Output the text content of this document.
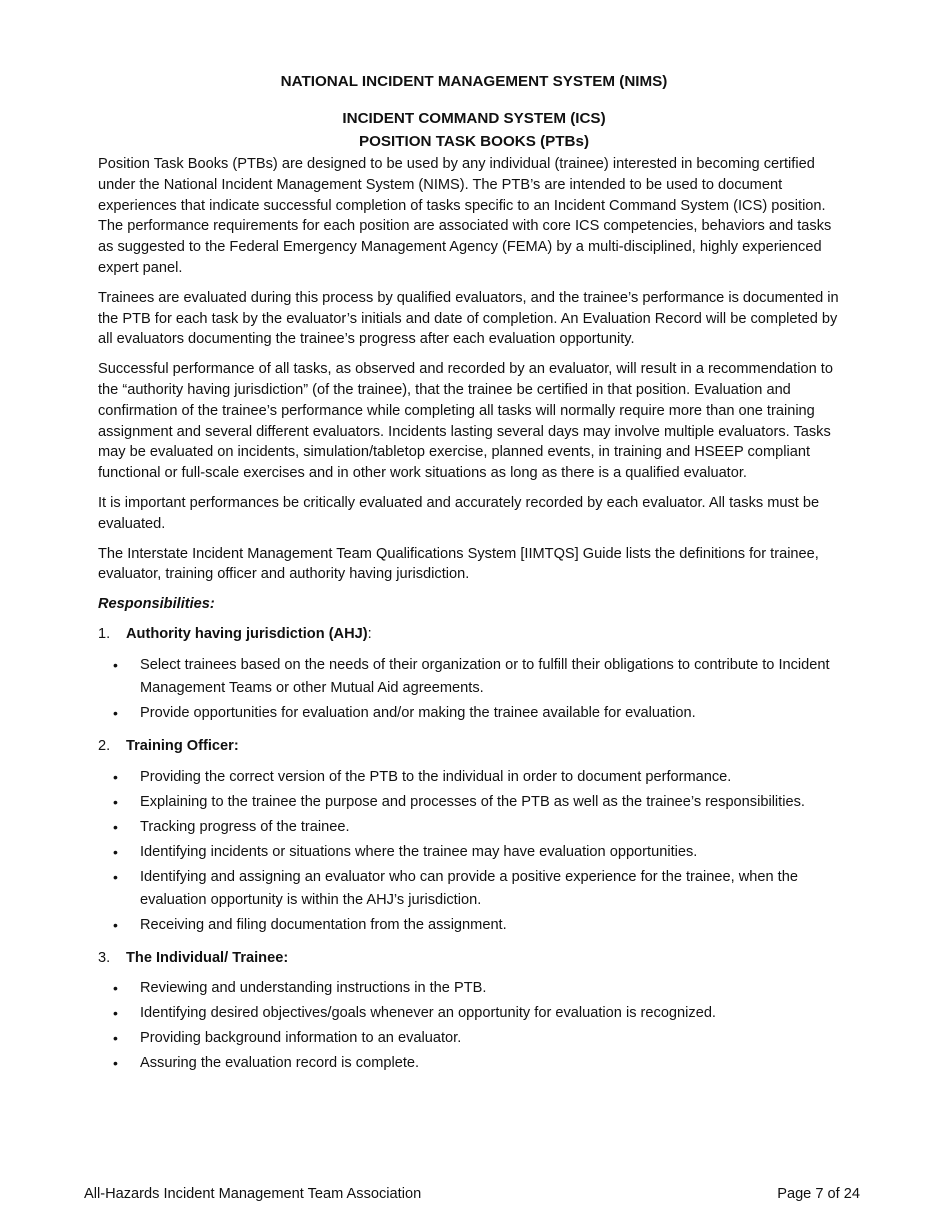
NATIONAL INCIDENT MANAGEMENT SYSTEM (NIMS)
INCIDENT COMMAND SYSTEM (ICS)
POSITION TASK BOOKS (PTBs)

Position Task Books (PTBs) are designed to be used by any individual (trainee) interested in becoming certified under the National Incident Management System (NIMS). The PTB’s are intended to be used to document experiences that indicate successful completion of tasks specific to an Incident Command System (ICS) position. The performance requirements for each position are associated with core ICS competencies, behaviors and tasks as suggested to the Federal Emergency Management Agency (FEMA) by a multi-disciplined, highly experienced expert panel.

Trainees are evaluated during this process by qualified evaluators, and the trainee’s performance is documented in the PTB for each task by the evaluator’s initials and date of completion. An Evaluation Record will be completed by all evaluators documenting the trainee’s progress after each evaluation opportunity.

Successful performance of all tasks, as observed and recorded by an evaluator, will result in a recommendation to the “authority having jurisdiction” (of the trainee), that the trainee be certified in that position. Evaluation and confirmation of the trainee’s performance while completing all tasks will normally require more than one training assignment and several different evaluators. Incidents lasting several days may involve multiple evaluators. Tasks may be evaluated on incidents, simulation/tabletop exercise, planned events, in training and HSEEP compliant functional or full-scale exercises and in other work situations as long as there is a qualified evaluator.

It is important performances be critically evaluated and accurately recorded by each evaluator. All tasks must be evaluated.

The Interstate Incident Management Team Qualifications System [IIMTQS] Guide lists the definitions for trainee, evaluator, training officer and authority having jurisdiction.

Responsibilities:
1. Authority having jurisdiction (AHJ):
• Select trainees based on the needs of their organization or to fulfill their obligations to contribute to Incident Management Teams or other Mutual Aid agreements.
• Provide opportunities for evaluation and/or making the trainee available for evaluation.
2. Training Officer:
• Providing the correct version of the PTB to the individual in order to document performance.
• Explaining to the trainee the purpose and processes of the PTB as well as the trainee’s responsibilities.
• Tracking progress of the trainee.
• Identifying incidents or situations where the trainee may have evaluation opportunities.
• Identifying and assigning an evaluator who can provide a positive experience for the trainee, when the evaluation opportunity is within the AHJ’s jurisdiction.
• Receiving and filing documentation from the assignment.
3. The Individual/ Trainee:
• Reviewing and understanding instructions in the PTB.
• Identifying desired objectives/goals whenever an opportunity for evaluation is recognized.
• Providing background information to an evaluator.
• Assuring the evaluation record is complete.
All-Hazards Incident Management Team Association	Page 7 of 24
